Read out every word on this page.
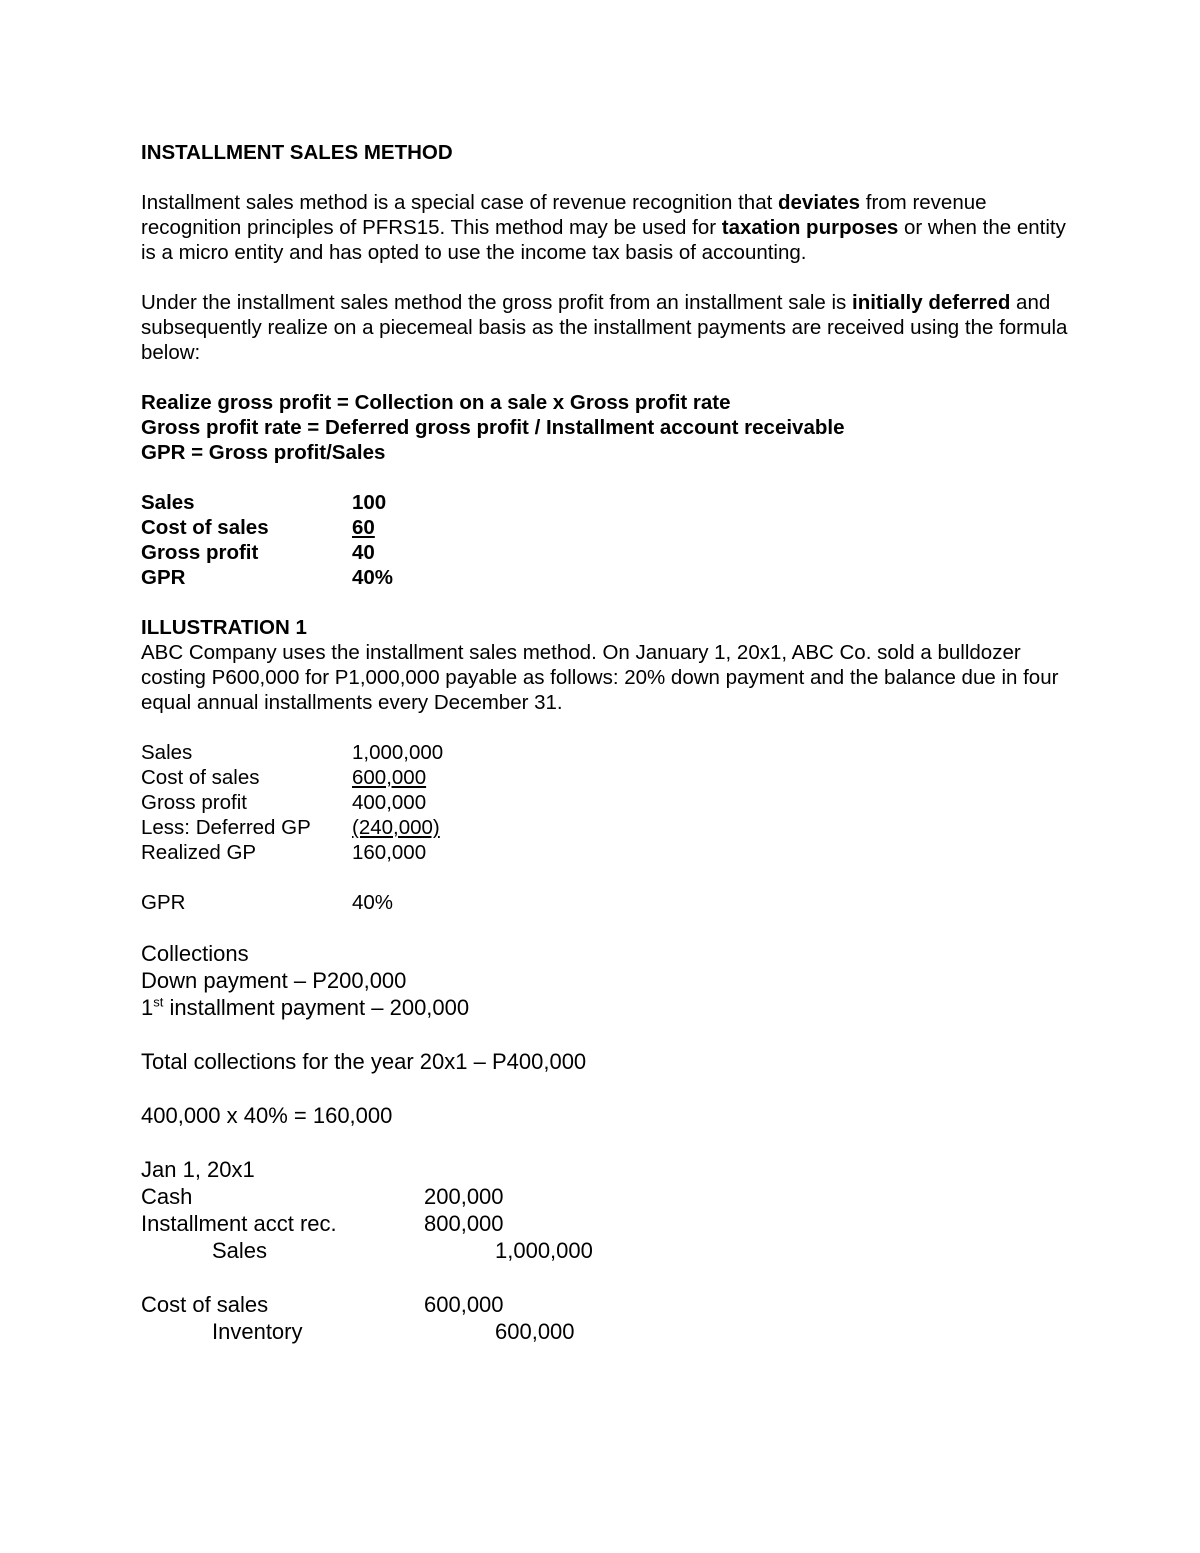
INSTALLMENT SALES METHOD

Installment sales method is a special case of revenue recognition that deviates from revenue recognition principles of PFRS15. This method may be used for taxation purposes or when the entity is a micro entity and has opted to use the income tax basis of accounting.

Under the installment sales method the gross profit from an installment sale is initially deferred and subsequently realize on a piecemeal basis as the installment payments are received using the formula below:

Realize gross profit = Collection on a sale x Gross profit rate

Gross profit rate = Deferred gross profit / Installment account receivable

GPR = Gross profit/Sales

Sales	100
Cost of sales	60
Gross profit	40
GPR	40%

ILLUSTRATION 1

ABC Company uses the installment sales method. On January 1, 20x1, ABC Co. sold a bulldozer costing P600,000 for P1,000,000 payable as follows: 20% down payment and the balance due in four equal annual installments every December 31.

Sales	1,000,000
Cost of sales	600,000
Gross profit	400,000
Less: Deferred GP	(240,000)
Realized GP	160,000
GPR	40%

Collections

Down payment – P200,000

1st installment payment – 200,000

Total collections for the year 20x1 – P400,000

400,000 x 40% = 160,000

Jan 1, 20x1

Cash	200,000
Installment acct rec.	800,000
Sales	1,000,000
Cost of sales	600,000
Inventory	600,000
